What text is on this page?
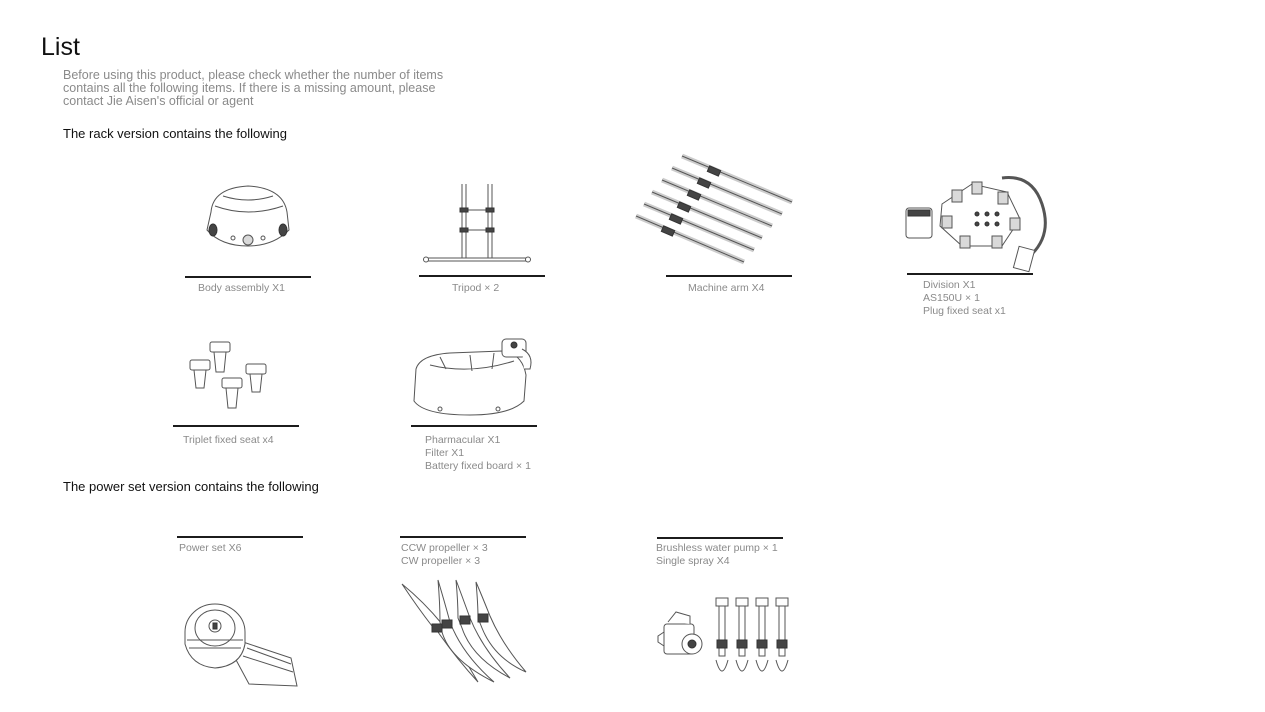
List
Before using this product, please check whether the number of items contains all the following items. If there is a missing amount, please contact Jie Aisen's official or agent
The rack version contains the following
Body assembly X1	Tripod × 2	Machine arm X4	Division X1
AS150U × 1
Plug fixed seat x1
Triplet fixed seat x4	Pharmacular X1
Filter X1
Battery fixed board × 1
The power set version contains the following
Power set X6	CCW propeller × 3
CW propeller × 3
Brushless water pump × 1
Single spray X4
